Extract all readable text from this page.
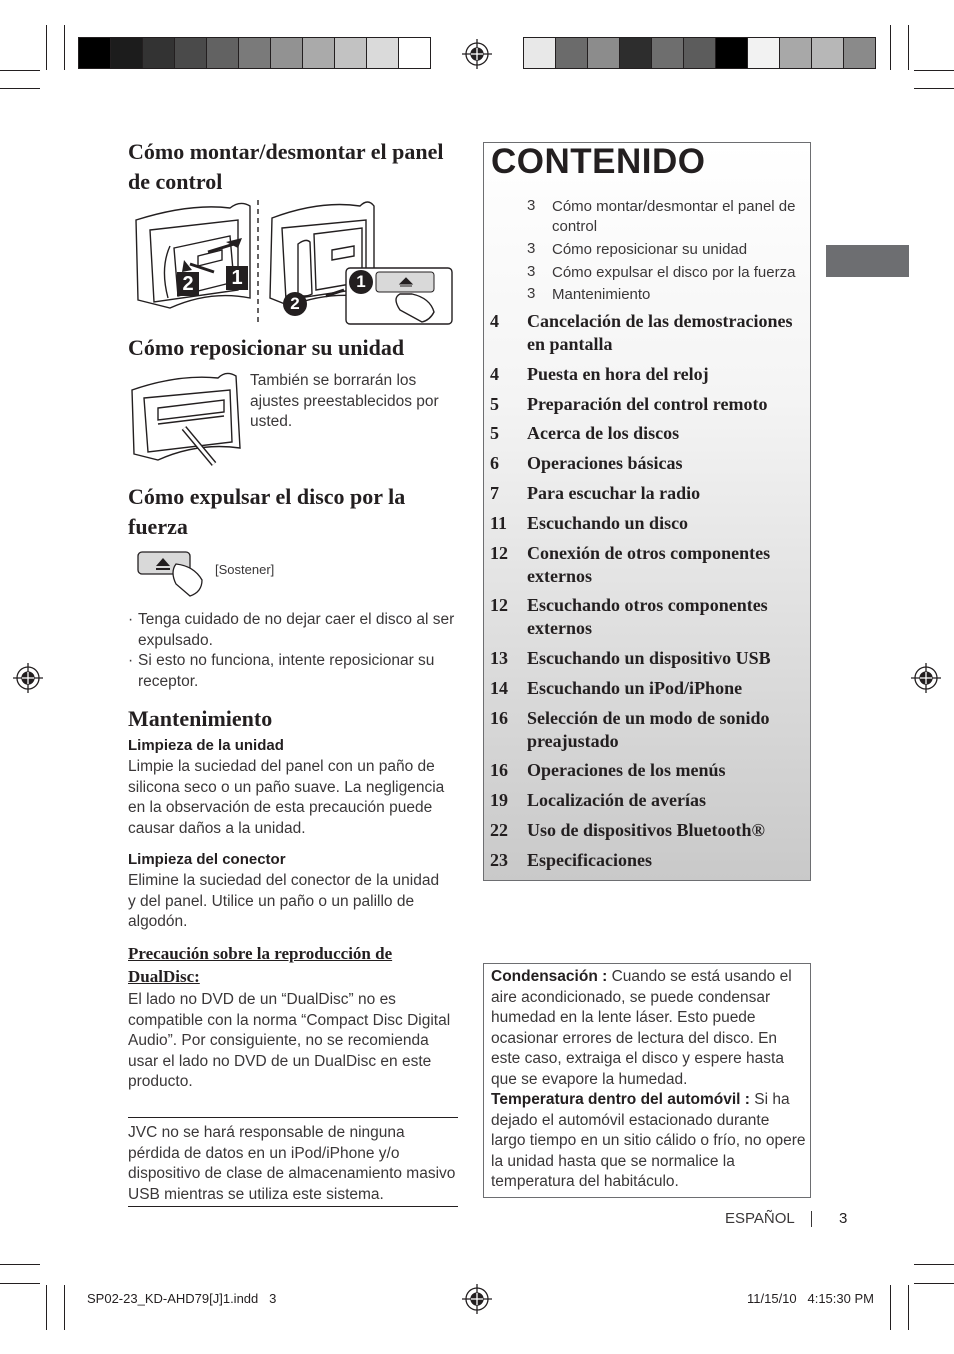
Cómo montar/desmontar el panel de control
2 1	1
2
Cómo reposicionar su unidad
También se borrarán los ajustes preestablecidos por usted.
Cómo expulsar el disco por la fuerza
[Sostener]
· Tenga cuidado de no dejar caer el disco al ser expulsado.
· Si esto no funciona, intente reposicionar su receptor.
Mantenimiento
Limpieza de la unidad
Limpie la suciedad del panel con un paño de silicona seco o un paño suave. La negligencia en la observación de esta precaución puede causar daños a la unidad.
Limpieza del conector
Elimine la suciedad del conector de la unidad y del panel. Utilice un paño o un palillo de algodón.
Precaución sobre la reproducción de DualDisc:
El lado no DVD de un “DualDisc” no es compatible con la norma “Compact Disc Digital Audio”. Por consiguiente, no se recomienda usar el lado no DVD de un DualDisc en este producto.
JVC no se hará responsable de ninguna pérdida de datos en un iPod/iPhone y/o dispositivo de clase de almacenamiento masivo USB mientras se utiliza este sistema.
CONTENIDO
3 Cómo montar/desmontar el panel de control
3 Cómo reposicionar su unidad
3 Cómo expulsar el disco por la fuerza
3 Mantenimiento
4 Cancelación de las demostraciones en pantalla
4 Puesta en hora del reloj
5 Preparación del control remoto
5 Acerca de los discos
6 Operaciones básicas
7 Para escuchar la radio
11 Escuchando un disco
12 Conexión de otros componentes externos
12 Escuchando otros componentes externos
13 Escuchando un dispositivo USB
14 Escuchando un iPod/iPhone
16 Selección de un modo de sonido preajustado
16 Operaciones de los menús
19 Localización de averías
22 Uso de dispositivos Bluetooth®
23 Especificaciones
Condensación : Cuando se está usando el aire acondicionado, se puede condensar humedad en la lente láser. Esto puede ocasionar errores de lectura del disco. En este caso, extraiga el disco y espere hasta que se evapore la humedad.
Temperatura dentro del automóvil : Si ha dejado el automóvil estacionado durante largo tiempo en un sitio cálido o frío, no opere la unidad hasta que se normalice la temperatura del habitáculo.
ESPAÑOL	3
SP02-23_KD-AHD79[J]1.indd   3	11/15/10   4:15:30 PM
